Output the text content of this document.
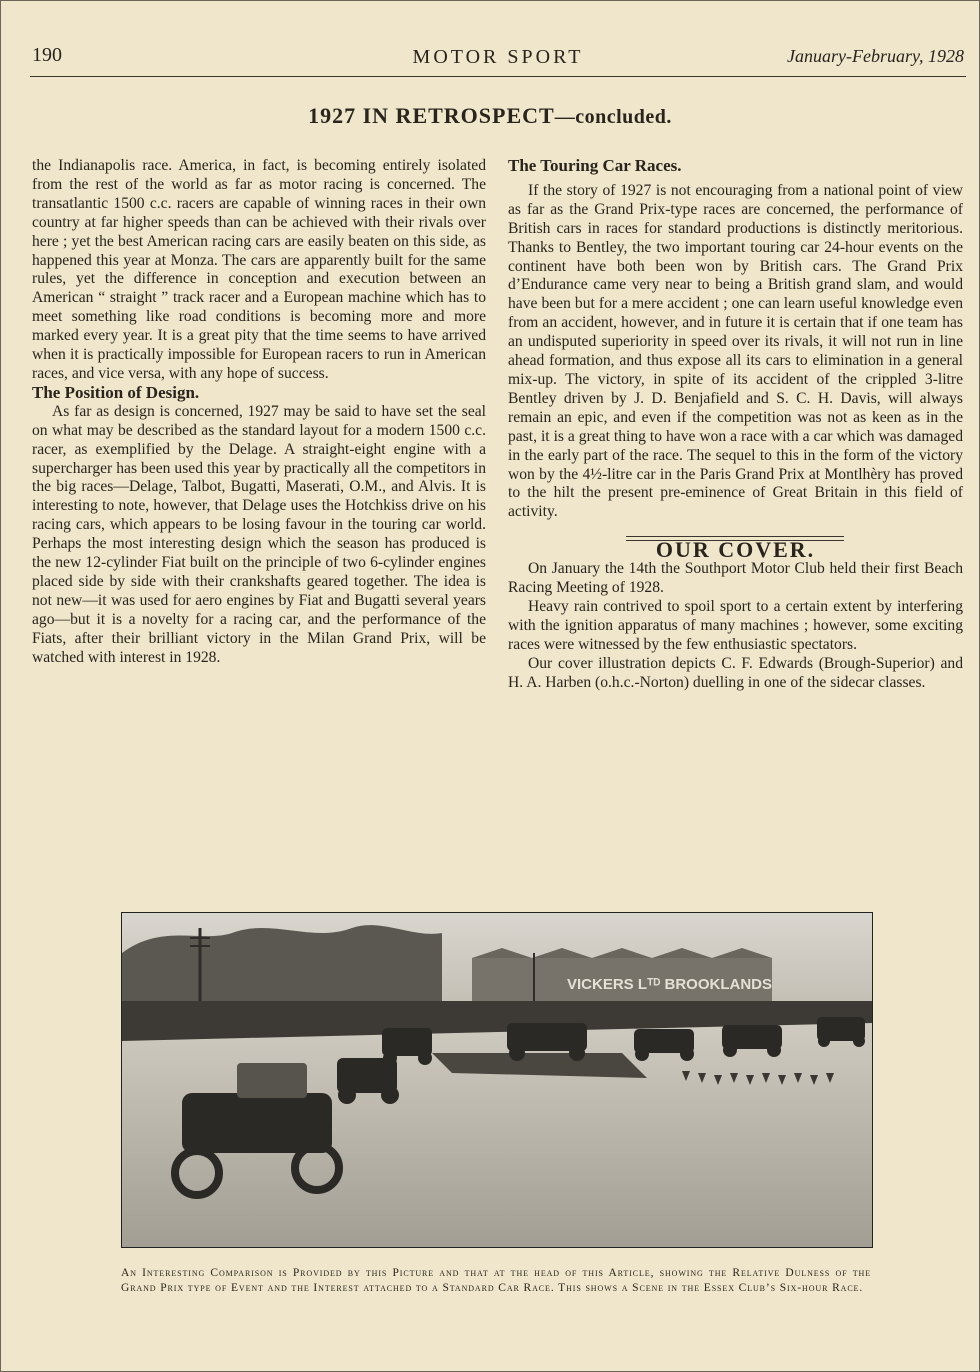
190	MOTOR SPORT	January-February, 1928
1927 IN RETROSPECT—concluded.

the Indianapolis race. America, in fact, is becoming entirely isolated from the rest of the world as far as motor racing is concerned. The transatlantic 1500 c.c. racers are capable of winning races in their own country at far higher speeds than can be achieved with their rivals over here ; yet the best American racing cars are easily beaten on this side, as happened this year at Monza. The cars are apparently built for the same rules, yet the difference in conception and execution between an American “ straight ” track racer and a European machine which has to meet something like road conditions is becoming more and more marked every year. It is a great pity that the time seems to have arrived when it is practically impossible for European racers to run in American races, and vice versa, with any hope of success.

The Position of Design.

As far as design is concerned, 1927 may be said to have set the seal on what may be described as the standard layout for a modern 1500 c.c. racer, as exemplified by the Delage. A straight-eight engine with a supercharger has been used this year by practically all the competitors in the big races—Delage, Talbot, Bugatti, Maserati, O.M., and Alvis. It is interesting to note, however, that Delage uses the Hotchkiss drive on his racing cars, which appears to be losing favour in the touring car world. Perhaps the most interesting design which the season has produced is the new 12-cylinder Fiat built on the principle of two 6-cylinder engines placed side by side with their crankshafts geared together. The idea is not new—it was used for aero engines by Fiat and Bugatti several years ago—but it is a novelty for a racing car, and the performance of the Fiats, after their brilliant victory in the Milan Grand Prix, will be watched with interest in 1928.

The Touring Car Races.

If the story of 1927 is not encouraging from a national point of view as far as the Grand Prix-type races are concerned, the performance of British cars in races for standard productions is distinctly meritorious. Thanks to Bentley, the two important touring car 24-hour events on the continent have both been won by British cars. The Grand Prix d’Endurance came very near to being a British grand slam, and would have been but for a mere accident ; one can learn useful knowledge even from an accident, however, and in future it is certain that if one team has an undisputed superiority in speed over its rivals, it will not run in line ahead formation, and thus expose all its cars to elimination in a general mix-up. The victory, in spite of its accident of the crippled 3-litre Bentley driven by J. D. Benjafield and S. C. H. Davis, will always remain an epic, and even if the competition was not as keen as in the past, it is a great thing to have won a race with a car which was damaged in the early part of the race. The sequel to this in the form of the victory won by the 4½-litre car in the Paris Grand Prix at Montlhèry has proved to the hilt the present pre-eminence of Great Britain in this field of activity.

OUR COVER.

On January the 14th the Southport Motor Club held their first Beach Racing Meeting of 1928.

Heavy rain contrived to spoil sport to a certain extent by interfering with the ignition apparatus of many machines ; however, some exciting races were witnessed by the few enthusiastic spectators.

Our cover illustration depicts C. F. Edwards (Brough-Superior) and H. A. Harben (o.h.c.-Norton) duelling in one of the sidecar classes.

VICKERS Lᵀᴰ BROOKLANDS
An Interesting Comparison is Provided by this Picture and that at the head of this Article, showing the Relative Dulness of the Grand Prix type of Event and the Interest attached to a Standard Car Race. This shows a Scene in the Essex Club’s Six-hour Race.
